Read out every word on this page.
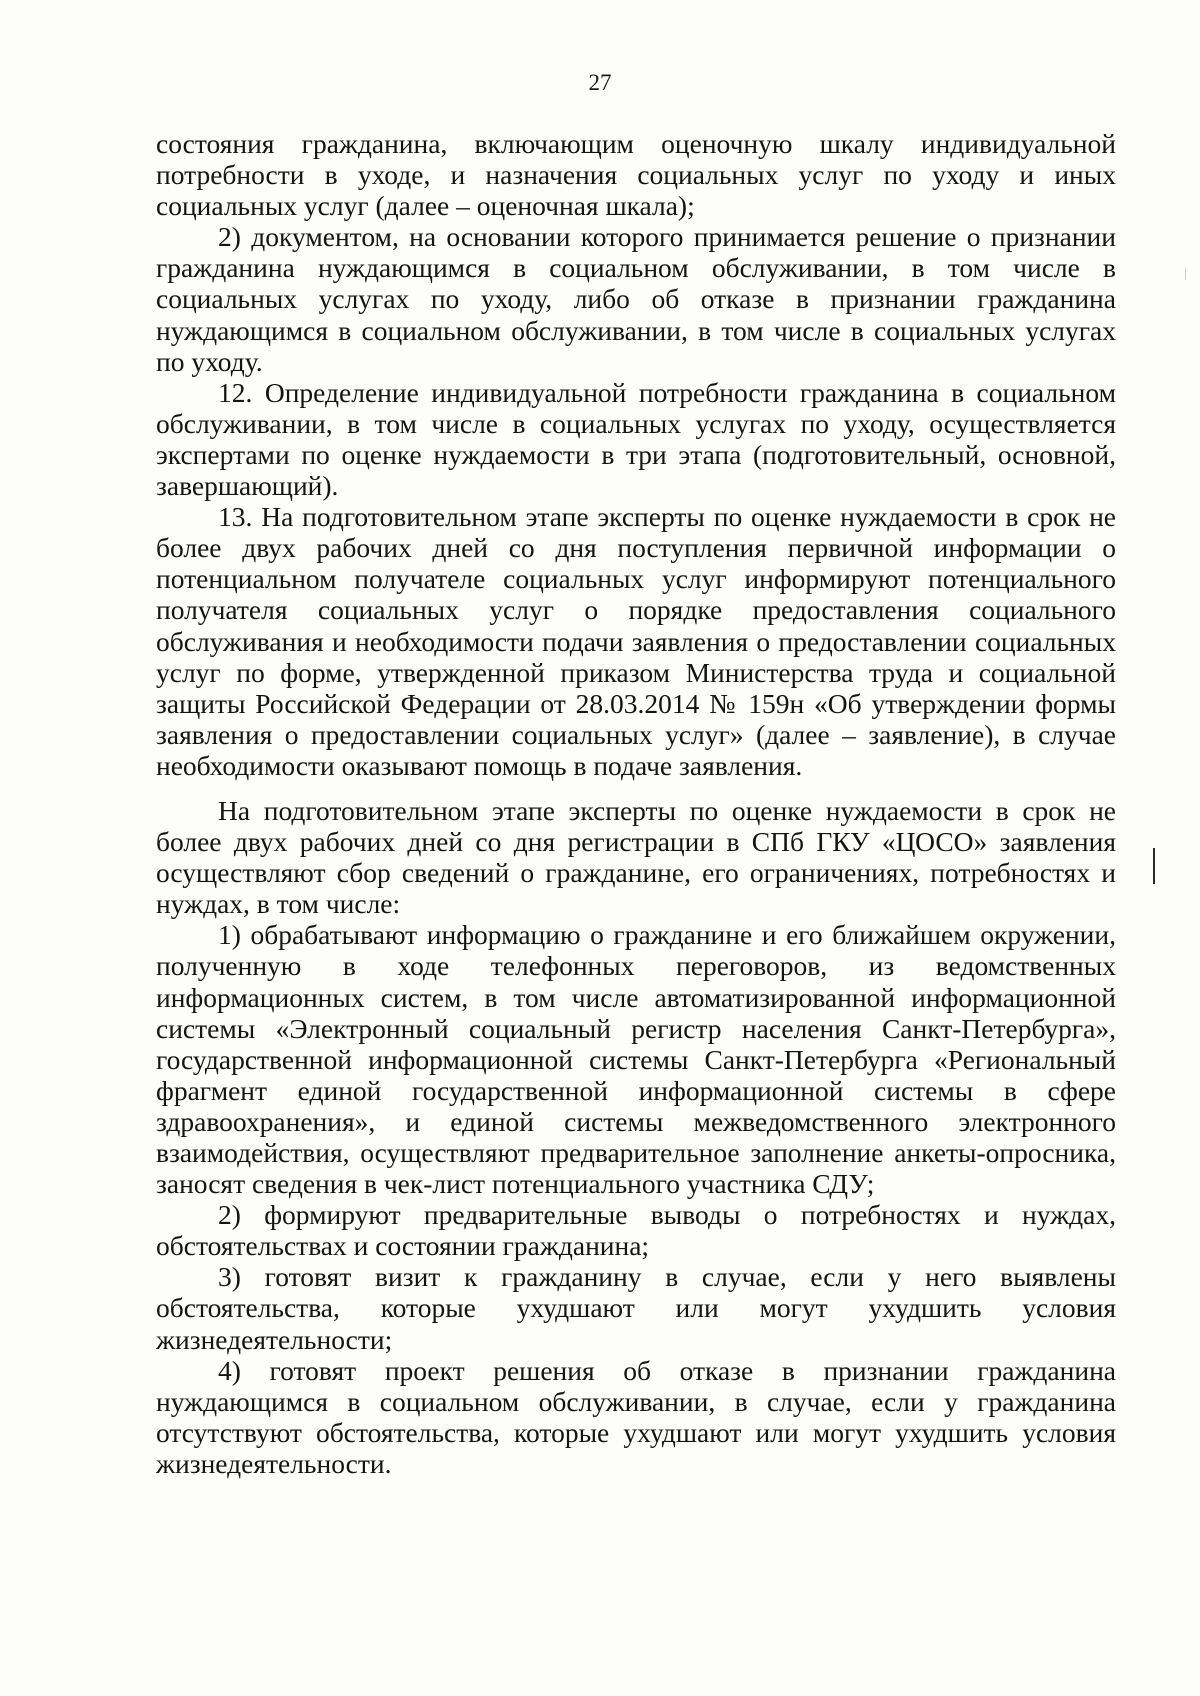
27

состояния гражданина, включающим оценочную шкалу индивидуальной потребности в уходе, и назначения социальных услуг по уходу и иных социальных услуг (далее – оценочная шкала);

2) документом, на основании которого принимается решение о признании гражданина нуждающимся в социальном обслуживании, в том числе в социальных услугах по уходу, либо об отказе в признании гражданина нуждающимся в социальном обслуживании, в том числе в социальных услугах по уходу.

12. Определение индивидуальной потребности гражданина в социальном обслуживании, в том числе в социальных услугах по уходу, осуществляется экспертами по оценке нуждаемости в три этапа (подготовительный, основной, завершающий).

13. На подготовительном этапе эксперты по оценке нуждаемости в срок не более двух рабочих дней со дня поступления первичной информации о потенциальном получателе социальных услуг информируют потенциального получателя социальных услуг о порядке предоставления социального обслуживания и необходимости подачи заявления о предоставлении социальных услуг по форме, утвержденной приказом Министерства труда и социальной защиты Российской Федерации от 28.03.2014 № 159н «Об утверждении формы заявления о предоставлении социальных услуг» (далее – заявление), в случае необходимости оказывают помощь в подаче заявления.

На подготовительном этапе эксперты по оценке нуждаемости в срок не более двух рабочих дней со дня регистрации в СПб ГКУ «ЦОСО» заявления осуществляют сбор сведений о гражданине, его ограничениях, потребностях и нуждах, в том числе:

1) обрабатывают информацию о гражданине и его ближайшем окружении, полученную в ходе телефонных переговоров, из ведомственных информационных систем, в том числе автоматизированной информационной системы «Электронный социальный регистр населения Санкт-Петербурга», государственной информационной системы Санкт-Петербурга «Региональный фрагмент единой государственной информационной системы в сфере здравоохранения», и единой системы межведомственного электронного взаимодействия, осуществляют предварительное заполнение анкеты-опросника, заносят сведения в чек-лист потенциального участника СДУ;

2) формируют предварительные выводы о потребностях и нуждах, обстоятельствах и состоянии гражданина;

3) готовят визит к гражданину в случае, если у него выявлены обстоятельства, которые ухудшают или могут ухудшить условия жизнедеятельности;

4) готовят проект решения об отказе в признании гражданина нуждающимся в социальном обслуживании, в случае, если у гражданина отсутствуют обстоятельства, которые ухудшают или могут ухудшить условия жизнедеятельности.
